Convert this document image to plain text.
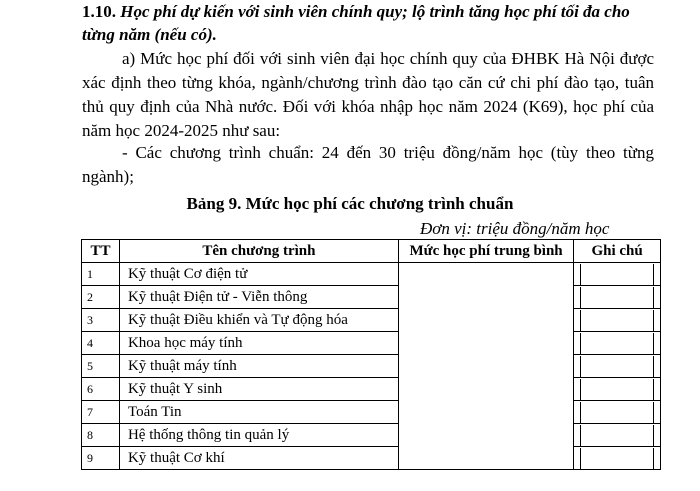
1.10. Học phí dự kiến với sinh viên chính quy; lộ trình tăng học phí tối đa cho từng năm (nếu có).

a) Mức học phí đối với sinh viên đại học chính quy của ĐHBK Hà Nội được xác định theo từng khóa, ngành/chương trình đào tạo căn cứ chi phí đào tạo, tuân thủ quy định của Nhà nước. Đối với khóa nhập học năm 2024 (K69), học phí của năm học 2024-2025 như sau:

- Các chương trình chuẩn: 24 đến 30 triệu đồng/năm học (tùy theo từng ngành);

Bảng 9. Mức học phí các chương trình chuẩn

Đơn vị: triệu đồng/năm học

TT	Tên chương trình	Mức học phí trung bình	Ghi chú
1	Kỹ thuật Cơ điện tử		

2	Kỹ thuật Điện tử - Viễn thông		

3	Kỹ thuật Điều khiển và Tự động hóa		

4	Khoa học máy tính		

5	Kỹ thuật máy tính		

6	Kỹ thuật Y sinh		

7	Toán Tin		

8	Hệ thống thông tin quản lý		

9	Kỹ thuật Cơ khí		
